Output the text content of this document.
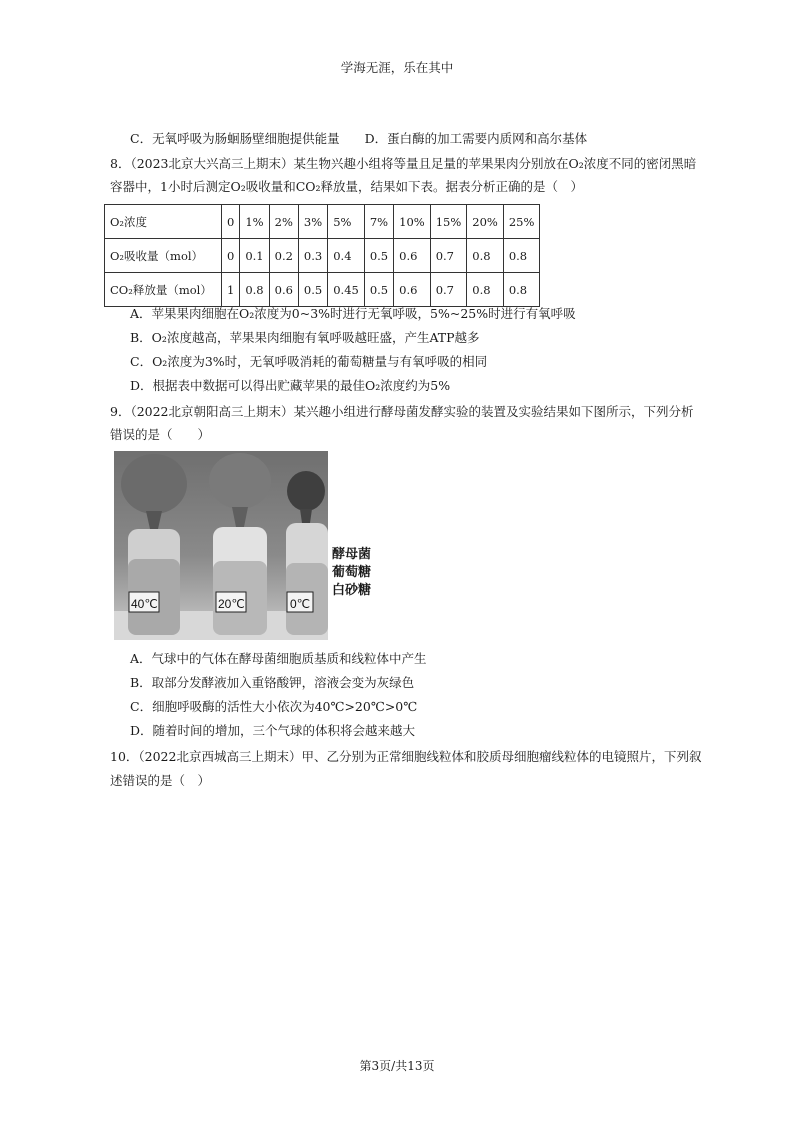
学海无涯，乐在其中
C．无氧呼吸为肠蛔肠壁细胞提供能量　　D．蛋白酶的加工需要内质网和高尔基体
8．（2023北京大兴高三上期末）某生物兴趣小组将等量且足量的苹果果肉分别放在O₂浓度不同的密闭黑暗
容器中，1小时后测定O₂吸收量和CO₂释放量，结果如下表。据表分析正确的是（　）
O₂浓度	0	1%	2%	3%	5%	7%	10%	15%	20%	25%
O₂吸收量（mol）	0	0.1	0.2	0.3	0.4	0.5	0.6	0.7	0.8	0.8
CO₂释放量（mol）	1	0.8	0.6	0.5	0.45	0.5	0.6	0.7	0.8	0.8
A．苹果果肉细胞在O₂浓度为0~3%时进行无氧呼吸，5%~25%时进行有氧呼吸
B．O₂浓度越高，苹果果肉细胞有氧呼吸越旺盛，产生ATP越多
C．O₂浓度为3%时，无氧呼吸消耗的葡萄糖量与有氧呼吸的相同
D．根据表中数据可以得出贮藏苹果的最佳O₂浓度约为5%
9．（2022北京朝阳高三上期末）某兴趣小组进行酵母菌发酵实验的装置及实验结果如下图所示，下列分析
错误的是（　　）
40℃	20℃	0℃
酵母菌
葡萄糖
白砂糖
A．气球中的气体在酵母菌细胞质基质和线粒体中产生
B．取部分发酵液加入重铬酸钾，溶液会变为灰绿色
C．细胞呼吸酶的活性大小依次为40℃>20℃>0℃
D．随着时间的增加，三个气球的体积将会越来越大
10．（2022北京西城高三上期末）甲、乙分别为正常细胞线粒体和胶质母细胞瘤线粒体的电镜照片，下列叙
述错误的是（　）
第3页/共13页
